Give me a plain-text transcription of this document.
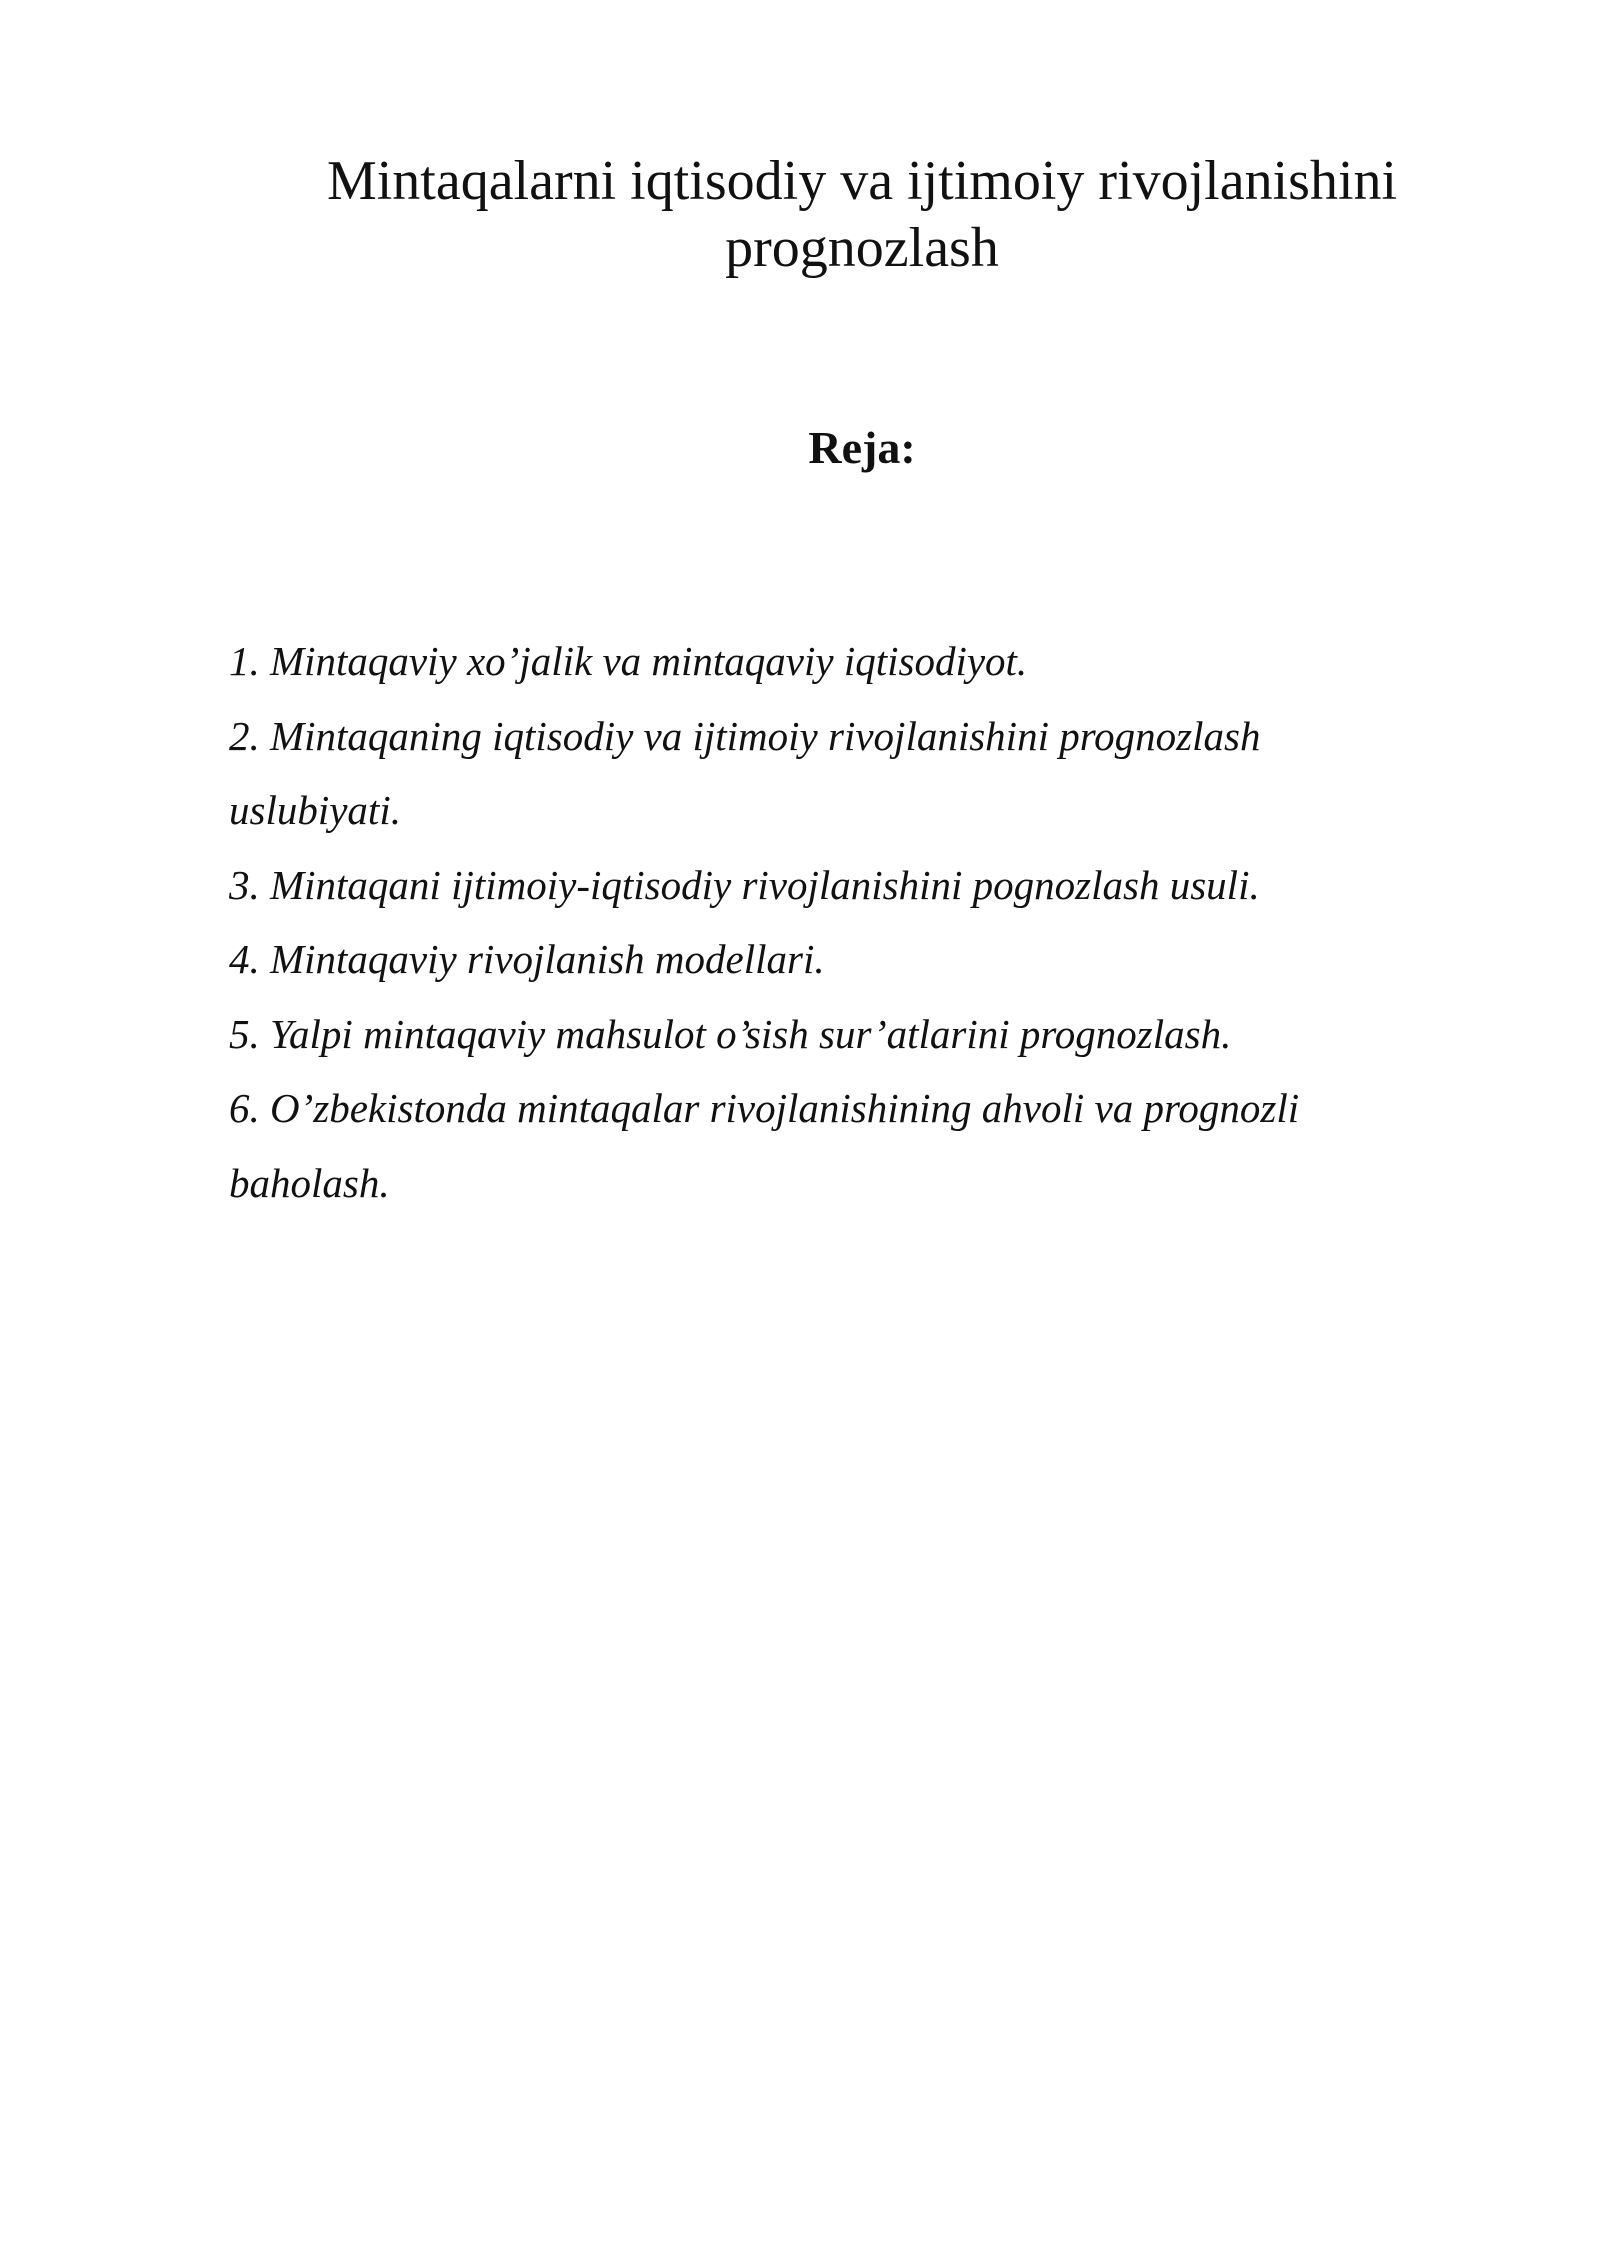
Mintaqalarni iqtisodiy va ijtimoiy rivojlanishini prognozlash
Reja:
1. Mintaqaviy xo’jalik va mintaqaviy iqtisodiyot.
2. Mintaqaning iqtisodiy va ijtimoiy rivojlanishini prognozlash uslubiyati.
3. Mintaqani ijtimoiy-iqtisodiy rivojlanishini pognozlash usuli.
4. Mintaqaviy rivojlanish modellari.
5. Yalpi mintaqaviy mahsulot o’sish sur’atlarini prognozlash.
6. O’zbekistonda mintaqalar rivojlanishining ahvoli va prognozli baholash.
